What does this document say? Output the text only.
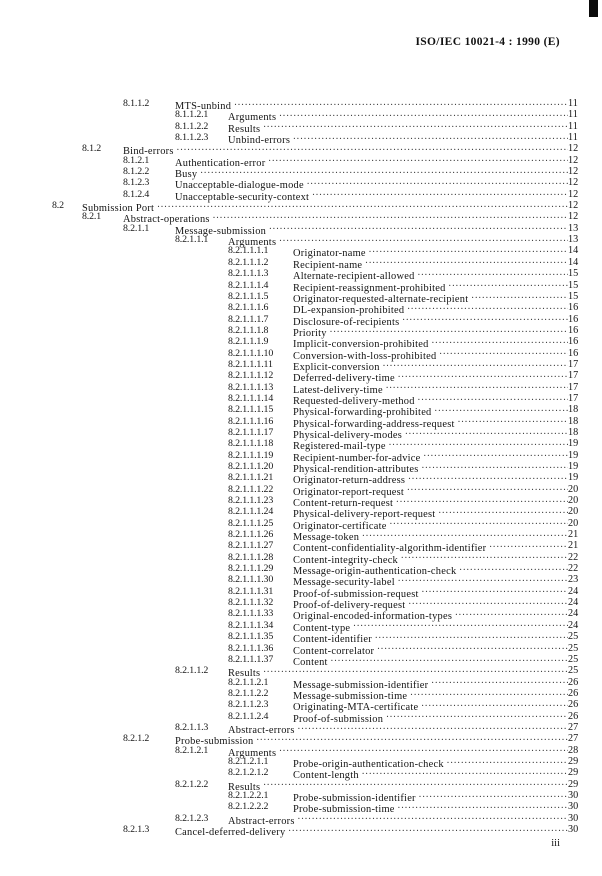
ISO/IEC 10021-4 : 1990 (E)
8.1.1.2 MTS-unbind .....	11
8.1.1.2.1 Arguments .....	11
8.1.1.2.2 Results .....	11
8.1.1.2.3 Unbind-errors .....	11
8.1.2 Bind-errors .....	12
8.1.2.1 Authentication-error .....	12
8.1.2.2 Busy .....	12
8.1.2.3 Unacceptable-dialogue-mode .....	12
8.1.2.4 Unacceptable-security-context .....	12
8.2 Submission Port .....	12
8.2.1 Abstract-operations .....	12
8.2.1.1 Message-submission .....	13
8.2.1.1.1 Arguments .....	13
8.2.1.1.1.1 Originator-name .....	14
8.2.1.1.1.2 Recipient-name .....	14
8.2.1.1.1.3 Alternate-recipient-allowed .....	15
8.2.1.1.1.4 Recipient-reassignment-prohibited .....	15
8.2.1.1.1.5 Originator-requested-alternate-recipient .....	15
8.2.1.1.1.6 DL-expansion-prohibited .....	16
8.2.1.1.1.7 Disclosure-of-recipients .....	16
8.2.1.1.1.8 Priority .....	16
8.2.1.1.1.9 Implicit-conversion-prohibited .....	16
8.2.1.1.1.10 Conversion-with-loss-prohibited .....	16
8.2.1.1.1.11 Explicit-conversion .....	17
8.2.1.1.1.12 Deferred-delivery-time .....	17
8.2.1.1.1.13 Latest-delivery-time .....	17
8.2.1.1.1.14 Requested-delivery-method .....	17
8.2.1.1.1.15 Physical-forwarding-prohibited .....	18
8.2.1.1.1.16 Physical-forwarding-address-request .....	18
8.2.1.1.1.17 Physical-delivery-modes .....	18
8.2.1.1.1.18 Registered-mail-type .....	19
8.2.1.1.1.19 Recipient-number-for-advice .....	19
8.2.1.1.1.20 Physical-rendition-attributes .....	19
8.2.1.1.1.21 Originator-return-address .....	19
8.2.1.1.1.22 Originator-report-request .....	20
8.2.1.1.1.23 Content-return-request .....	20
8.2.1.1.1.24 Physical-delivery-report-request .....	20
8.2.1.1.1.25 Originator-certificate .....	20
8.2.1.1.1.26 Message-token .....	21
8.2.1.1.1.27 Content-confidentiality-algorithm-identifier .....	21
8.2.1.1.1.28 Content-integrity-check .....	22
8.2.1.1.1.29 Message-origin-authentication-check .....	22
8.2.1.1.1.30 Message-security-label .....	23
8.2.1.1.1.31 Proof-of-submission-request .....	24
8.2.1.1.1.32 Proof-of-delivery-request .....	24
8.2.1.1.1.33 Original-encoded-information-types .....	24
8.2.1.1.1.34 Content-type .....	24
8.2.1.1.1.35 Content-identifier .....	25
8.2.1.1.1.36 Content-correlator .....	25
8.2.1.1.1.37 Content .....	25
8.2.1.1.2 Results .....	25
8.2.1.1.2.1 Message-submission-identifier .....	26
8.2.1.1.2.2 Message-submission-time .....	26
8.2.1.1.2.3 Originating-MTA-certificate .....	26
8.2.1.1.2.4 Proof-of-submission .....	26
8.2.1.1.3 Abstract-errors .....	27
8.2.1.2 Probe-submission .....	27
8.2.1.2.1 Arguments .....	28
8.2.1.2.1.1 Probe-origin-authentication-check .....	29
8.2.1.2.1.2 Content-length .....	29
8.2.1.2.2 Results .....	29
8.2.1.2.2.1 Probe-submission-identifier .....	30
8.2.1.2.2.2 Probe-submission-time .....	30
8.2.1.2.3 Abstract-errors .....	30
8.2.1.3 Cancel-deferred-delivery .....	30
iii
